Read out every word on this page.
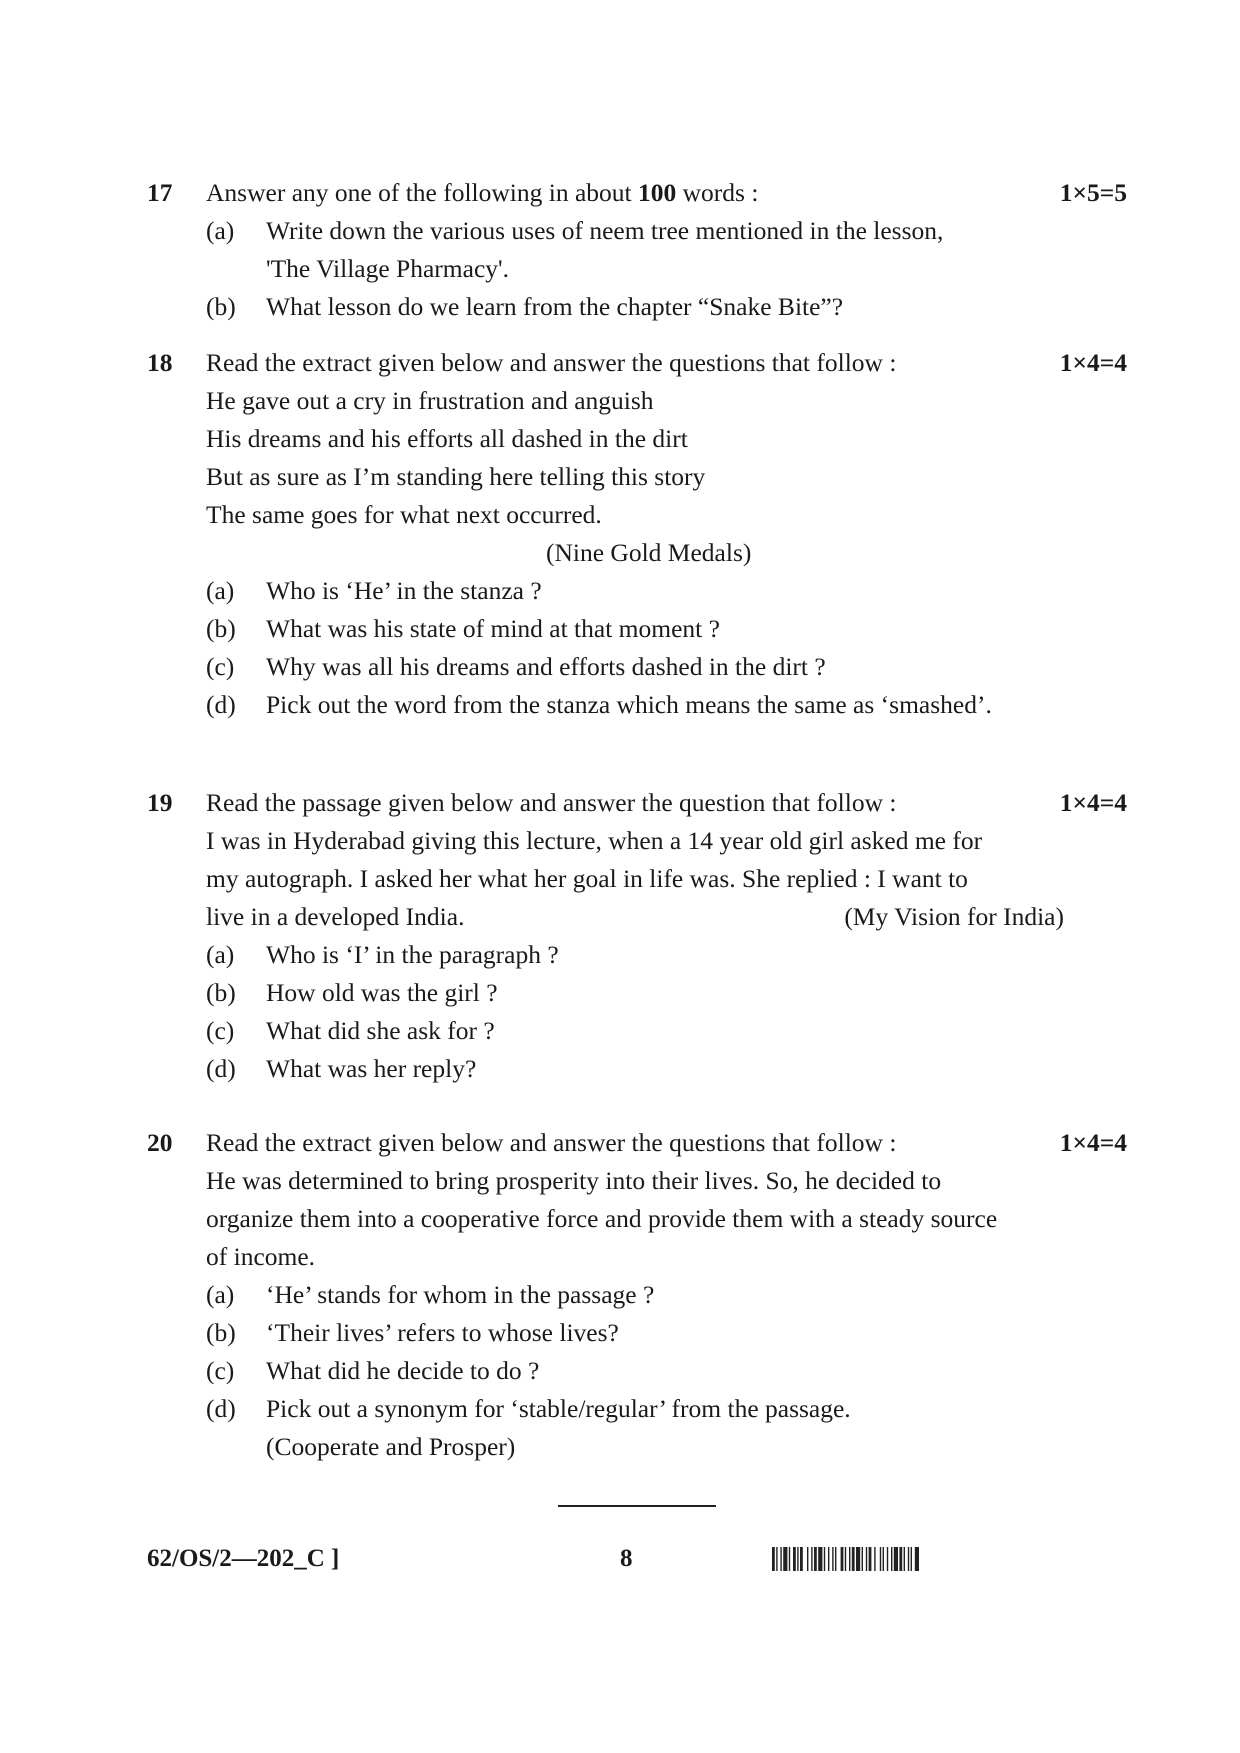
17 Answer any one of the following in about 100 words :	1×5=5
(a) Write down the various uses of neem tree mentioned in the lesson,
'The Village Pharmacy'.
(b) What lesson do we learn from the chapter “Snake Bite”?
18 Read the extract given below and answer the questions that follow :	1×4=4
He gave out a cry in frustration and anguish
His dreams and his efforts all dashed in the dirt
But as sure as I’m standing here telling this story
The same goes for what next occurred.
(Nine Gold Medals)
(a) Who is ‘He’ in the stanza ?
(b) What was his state of mind at that moment ?
(c) Why was all his dreams and efforts dashed in the dirt ?
(d) Pick out the word from the stanza which means the same as ‘smashed’.
19 Read the passage given below and answer the question that follow :	1×4=4
I was in Hyderabad giving this lecture, when a 14 year old girl asked me for
my autograph. I asked her what her goal in life was. She replied : I want to
live in a developed India.	(My Vision for India)
(a) Who is ‘I’ in the paragraph ?
(b) How old was the girl ?
(c) What did she ask for ?
(d) What was her reply?
20 Read the extract given below and answer the questions that follow :	1×4=4
He was determined to bring prosperity into their lives. So, he decided to
organize them into a cooperative force and provide them with a steady source
of income.
(a) ‘He’ stands for whom in the passage ?
(b) ‘Their lives’ refers to whose lives?
(c) What did he decide to do ?
(d) Pick out a synonym for ‘stable/regular’ from the passage.
(Cooperate and Prosper)
62/OS/2—202_C ]	8
